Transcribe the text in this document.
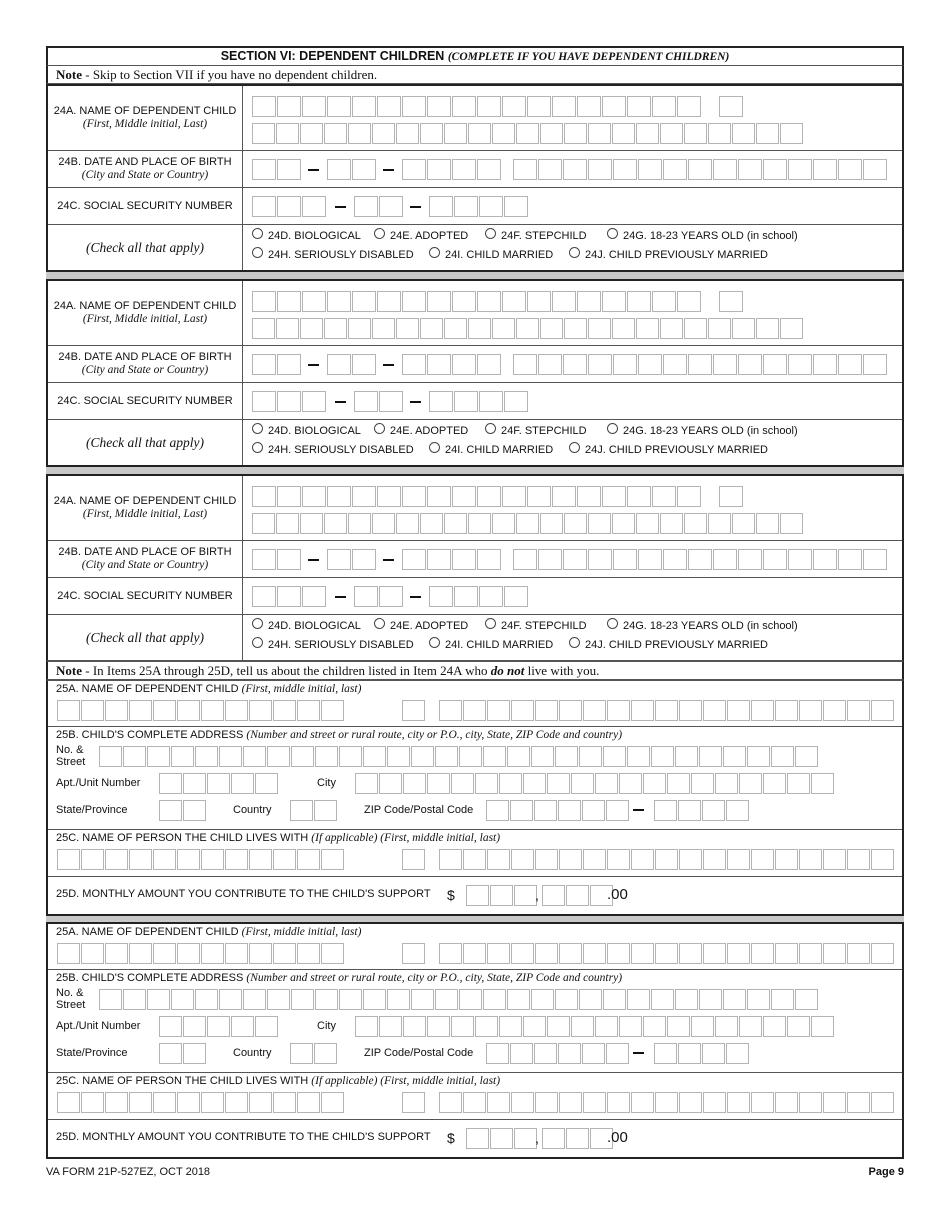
SECTION VI: DEPENDENT CHILDREN (COMPLETE IF YOU HAVE DEPENDENT CHILDREN)
Note - Skip to Section VII if you have no dependent children.
24A. NAME OF DEPENDENT CHILD
(First, Middle initial, Last)
24B. DATE AND PLACE OF BIRTH
(City and State or Country)
24C. SOCIAL SECURITY NUMBER
(Check all that apply)
24D. BIOLOGICAL	24E. ADOPTED	24F. STEPCHILD	24G. 18-23 YEARS OLD (in school)
24H. SERIOUSLY DISABLED	24I. CHILD MARRIED	24J. CHILD PREVIOUSLY MARRIED
24A. NAME OF DEPENDENT CHILD
(First, Middle initial, Last)
24B. DATE AND PLACE OF BIRTH
(City and State or Country)
24C. SOCIAL SECURITY NUMBER
(Check all that apply)
24D. BIOLOGICAL	24E. ADOPTED	24F. STEPCHILD	24G. 18-23 YEARS OLD (in school)
24H. SERIOUSLY DISABLED	24I. CHILD MARRIED	24J. CHILD PREVIOUSLY MARRIED
24A. NAME OF DEPENDENT CHILD
(First, Middle initial, Last)
24B. DATE AND PLACE OF BIRTH
(City and State or Country)
24C. SOCIAL SECURITY NUMBER
(Check all that apply)
24D. BIOLOGICAL	24E. ADOPTED	24F. STEPCHILD	24G. 18-23 YEARS OLD (in school)
24H. SERIOUSLY DISABLED	24I. CHILD MARRIED	24J. CHILD PREVIOUSLY MARRIED
Note - In Items 25A through 25D, tell us about the children listed in Item 24A who do not live with you.
25A. NAME OF DEPENDENT CHILD (First, middle initial, last)
25B. CHILD'S COMPLETE ADDRESS (Number and street or rural route, city or P.O., city, State, ZIP Code and country)
No. &
Street
Apt./Unit Number	City
State/Province	Country	ZIP Code/Postal Code
25C. NAME OF PERSON THE CHILD LIVES WITH (If applicable) (First, middle initial, last)
25D. MONTHLY AMOUNT YOU CONTRIBUTE TO THE CHILD'S SUPPORT $	,	.00
25A. NAME OF DEPENDENT CHILD (First, middle initial, last)
25B. CHILD'S COMPLETE ADDRESS (Number and street or rural route, city or P.O., city, State, ZIP Code and country)
No. &
Street
Apt./Unit Number	City
State/Province	Country	ZIP Code/Postal Code
25C. NAME OF PERSON THE CHILD LIVES WITH (If applicable) (First, middle initial, last)
25D. MONTHLY AMOUNT YOU CONTRIBUTE TO THE CHILD'S SUPPORT $	,	.00
VA FORM 21P-527EZ, OCT 2018	Page 9
